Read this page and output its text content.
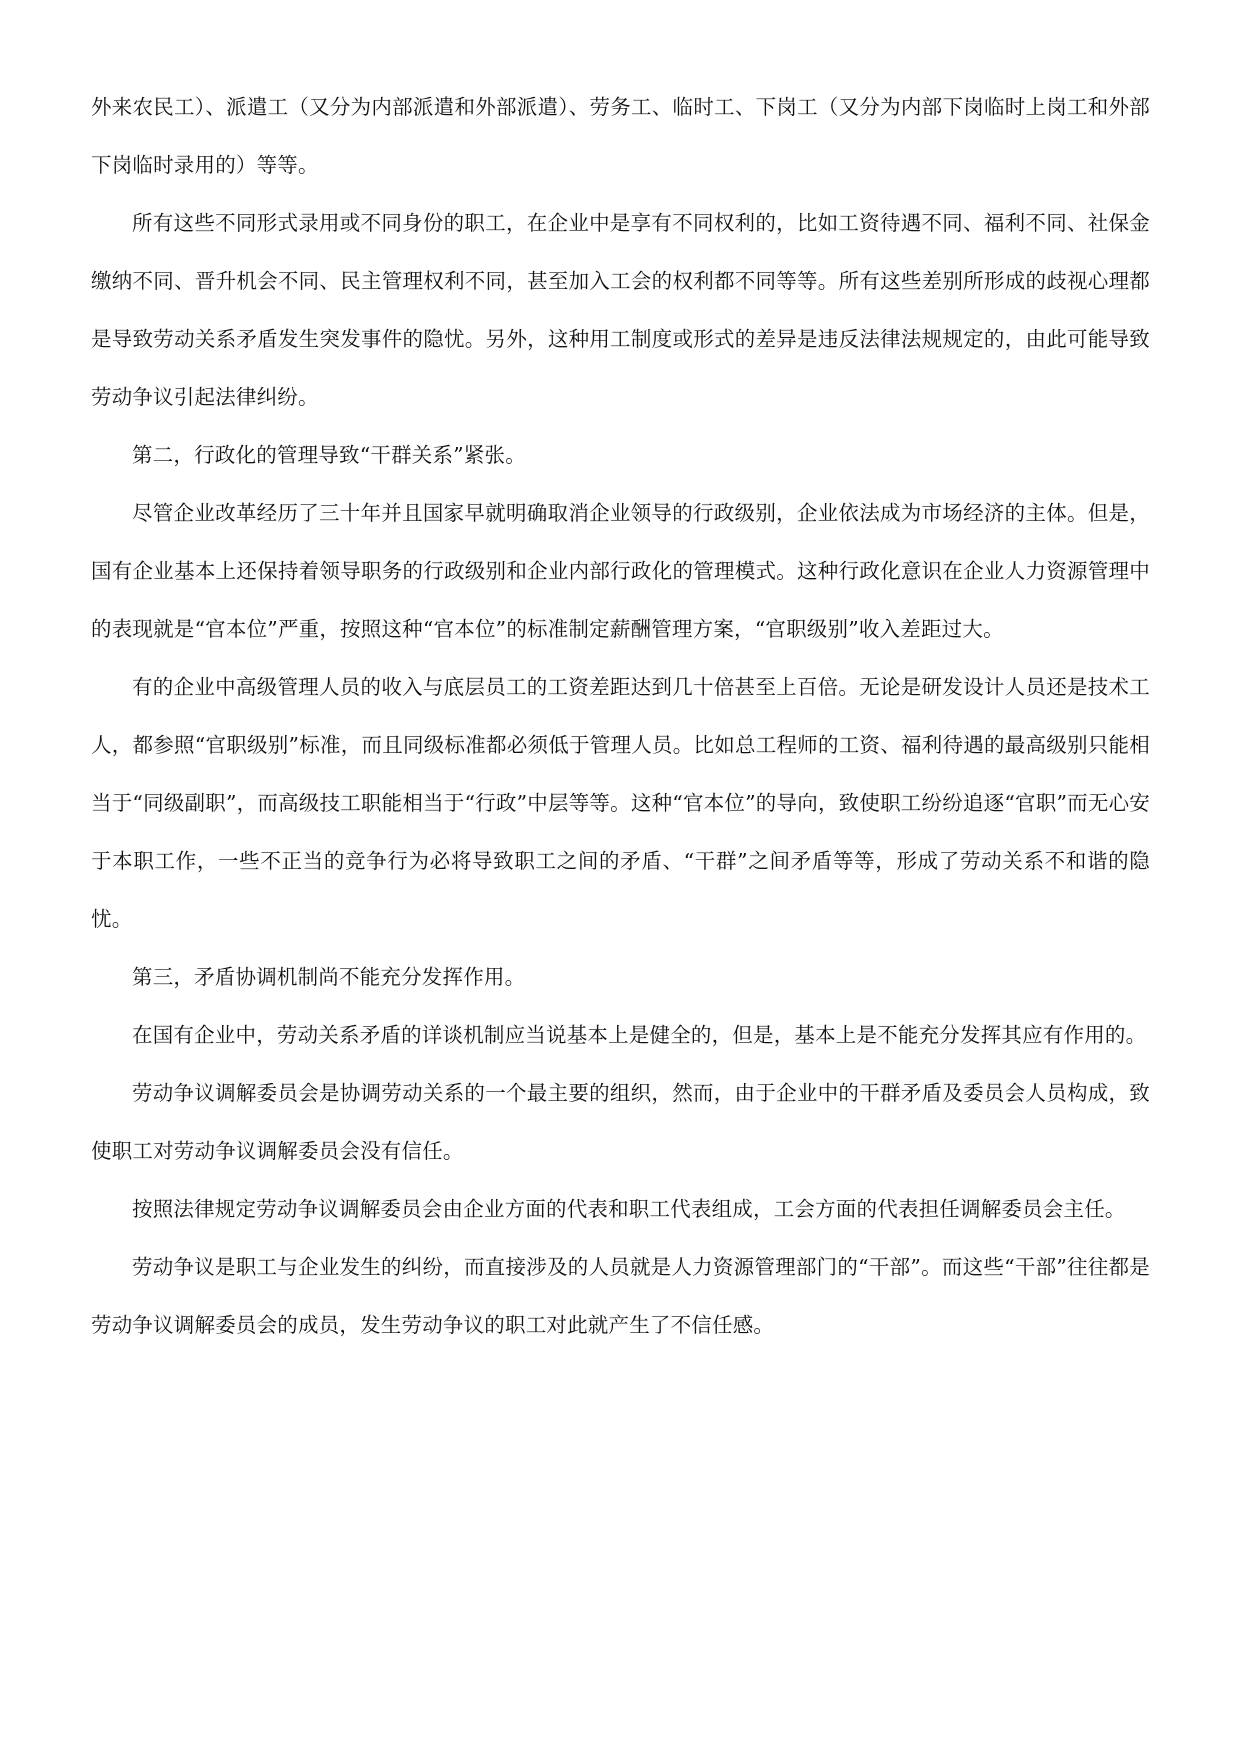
外来农民工）、派遣工（又分为内部派遣和外部派遣）、劳务工、临时工、下岗工（又分为内部下岗临时上岗工和外部下岗临时录用的）等等。

所有这些不同形式录用或不同身份的职工，在企业中是享有不同权利的，比如工资待遇不同、福利不同、社保金缴纳不同、晋升机会不同、民主管理权利不同，甚至加入工会的权利都不同等等。所有这些差别所形成的歧视心理都是导致劳动关系矛盾发生突发事件的隐忧。另外，这种用工制度或形式的差异是违反法律法规规定的，由此可能导致劳动争议引起法律纠纷。

第二，行政化的管理导致“干群关系”紧张。

尽管企业改革经历了三十年并且国家早就明确取消企业领导的行政级别，企业依法成为市场经济的主体。但是，国有企业基本上还保持着领导职务的行政级别和企业内部行政化的管理模式。这种行政化意识在企业人力资源管理中的表现就是“官本位”严重，按照这种“官本位”的标准制定薪酬管理方案，“官职级别”收入差距过大。

有的企业中高级管理人员的收入与底层员工的工资差距达到几十倍甚至上百倍。无论是研发设计人员还是技术工人，都参照“官职级别”标准，而且同级标准都必须低于管理人员。比如总工程师的工资、福利待遇的最高级别只能相当于“同级副职”，而高级技工职能相当于“行政”中层等等。这种“官本位”的导向，致使职工纷纷追逐“官职”而无心安于本职工作，一些不正当的竞争行为必将导致职工之间的矛盾、“干群”之间矛盾等等，形成了劳动关系不和谐的隐忧。

第三，矛盾协调机制尚不能充分发挥作用。

在国有企业中，劳动关系矛盾的详谈机制应当说基本上是健全的，但是，基本上是不能充分发挥其应有作用的。

劳动争议调解委员会是协调劳动关系的一个最主要的组织，然而，由于企业中的干群矛盾及委员会人员构成，致使职工对劳动争议调解委员会没有信任。

按照法律规定劳动争议调解委员会由企业方面的代表和职工代表组成，工会方面的代表担任调解委员会主任。

劳动争议是职工与企业发生的纠纷，而直接涉及的人员就是人力资源管理部门的“干部”。而这些“干部”往往都是劳动争议调解委员会的成员，发生劳动争议的职工对此就产生了不信任感。
